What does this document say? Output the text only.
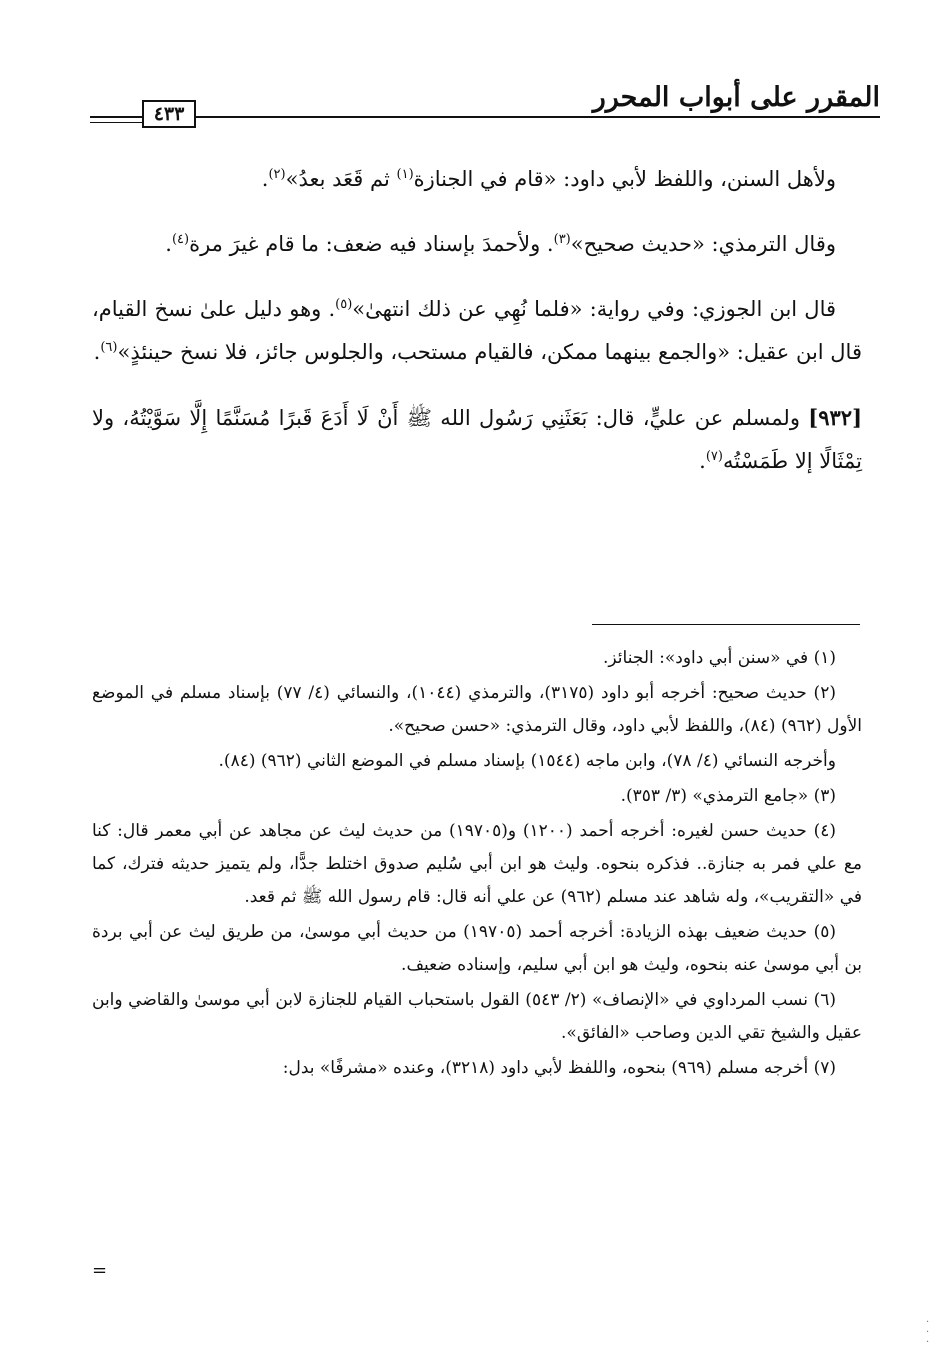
المقرر على أبواب المحرر
٤٣٣

ولأهل السنن، واللفظ لأبي داود: «قام في الجنازة$^{(١)}$ ثم قَعَد بعدُ»$^{(٢)}$.

وقال الترمذي: «حديث صحيح»$^{(٣)}$. ولأحمدَ بإسناد فيه ضعف: ما قام غيرَ مرة$^{(٤)}$.

قال ابن الجوزي: وفي رواية: «فلما نُهِي عن ذلك انتهىٰ»$^{(٥)}$. وهو دليل علىٰ نسخ القيام، قال ابن عقيل: «والجمع بينهما ممكن، فالقيام مستحب، والجلوس جائز، فلا نسخ حينئذٍ»$^{(٦)}$.

[٩٣٢] ولمسلم عن عليٍّ، قال: بَعَثَنِي رَسُول الله ﷺ أَنْ لَا أَدَعَ قَبرًا مُسَنَّمًا إِلَّا سَوَّيْتُهُ، ولا تِمْثَالًا إلا طَمَسْتُه$^{(٧)}$.

(١) في «سنن أبي داود»: الجنائز.

(٢) حديث صحيح: أخرجه أبو داود (٣١٧٥)، والترمذي (١٠٤٤)، والنسائي (٤/ ٧٧) بإسناد مسلم في الموضع الأول (٩٦٢) (٨٤)، واللفظ لأبي داود، وقال الترمذي: «حسن صحيح».

وأخرجه النسائي (٤/ ٧٨)، وابن ماجه (١٥٤٤) بإسناد مسلم في الموضع الثاني (٩٦٢) (٨٤).

(٣) «جامع الترمذي» (٣/ ٣٥٣).

(٤) حديث حسن لغيره: أخرجه أحمد (١٢٠٠) و(١٩٧٠٥) من حديث ليث عن مجاهد عن أبي معمر قال: كنا مع علي فمر به جنازة.. فذكره بنحوه. وليث هو ابن أبي سُليم صدوق اختلط جدًّا، ولم يتميز حديثه فترك، كما في «التقريب»، وله شاهد عند مسلم (٩٦٢) عن علي أنه قال: قام رسول الله ﷺ ثم قعد.

(٥) حديث ضعيف بهذه الزيادة: أخرجه أحمد (١٩٧٠٥) من حديث أبي موسىٰ، من طريق ليث عن أبي بردة بن أبي موسىٰ عنه بنحوه، وليث هو ابن أبي سليم، وإسناده ضعيف.

(٦) نسب المرداوي في «الإنصاف» (٢/ ٥٤٣) القول باستحباب القيام للجنازة لابن أبي موسىٰ والقاضي وابن عقيل والشيخ تقي الدين وصاحب «الفائق».

(٧) أخرجه مسلم (٩٦٩) بنحوه، واللفظ لأبي داود (٣٢١٨)، وعنده «مشرفًا» بدل:

=
·
·
·
